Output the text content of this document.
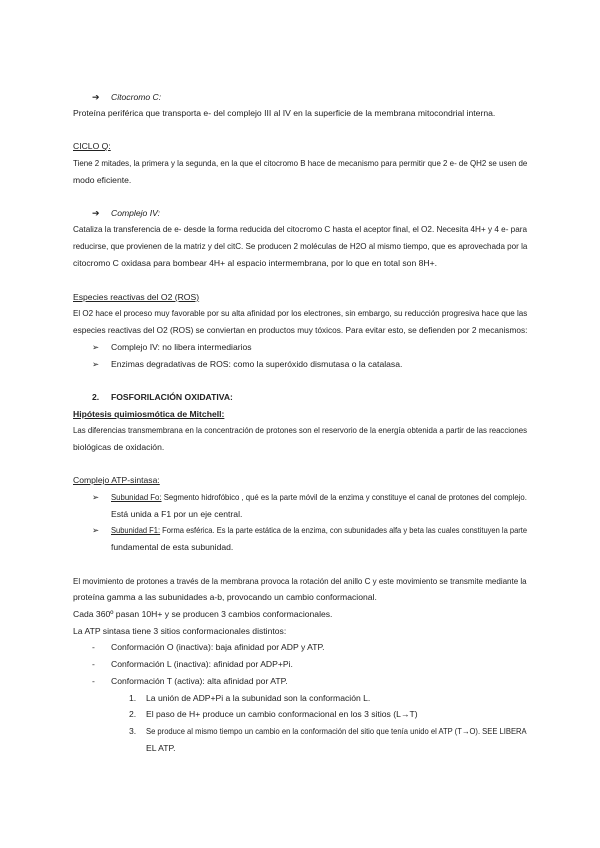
➔ Citocromo C:
Proteína periférica que transporta e- del complejo III al IV en la superficie de la membrana mitocondrial interna.
CICLO Q:
Tiene 2 mitades, la primera y la segunda, en la que el citocromo B hace de mecanismo para permitir que 2 e- de QH2 se usen de
modo eficiente.
➔ Complejo IV:
Cataliza la transferencia de e- desde la forma reducida del citocromo C hasta el aceptor final, el O2. Necesita 4H+ y 4 e- para
reducirse, que provienen de la matriz y del citC. Se producen 2 moléculas de H2O al mismo tiempo, que es aprovechada por la
citocromo C oxidasa para bombear 4H+ al espacio intermembrana, por lo que en total son 8H+.
Especies reactivas del O2 (ROS)
El O2 hace el proceso muy favorable por su alta afinidad por los electrones, sin embargo, su reducción progresiva hace que las
especies reactivas del O2 (ROS) se conviertan en productos muy tóxicos. Para evitar esto, se defienden por 2 mecanismos:
➢ Complejo IV: no libera intermediarios
➢ Enzimas degradativas de ROS: como la superóxido dismutasa o la catalasa.
2. FOSFORILACIÓN OXIDATIVA:
Hipótesis quimiosmótica de Mitchell:
Las diferencias transmembrana en la concentración de protones son el reservorio de la energía obtenida a partir de las reacciones
biológicas de oxidación.
Complejo ATP-sintasa:
➢ Subunidad Fo: Segmento hidrofóbico , qué es la parte móvil de la enzima y constituye el canal de protones del complejo.
Está unida a F1 por un eje central.
➢ Subunidad F1: Forma esférica. Es la parte estática de la enzima, con subunidades alfa y beta las cuales constituyen la parte
fundamental de esta subunidad.
El movimiento de protones a través de la membrana provoca la rotación del anillo C y este movimiento se transmite mediante la
proteína gamma a las subunidades a-b, provocando un cambio conformacional.
Cada 360º pasan 10H+ y se producen 3 cambios conformacionales.
La ATP sintasa tiene 3 sitios conformacionales distintos:
- Conformación O (inactiva): baja afinidad por ADP y ATP.
- Conformación L (inactiva): afinidad por ADP+Pi.
- Conformación T (activa): alta afinidad por ATP.
1. La unión de ADP+Pi a la subunidad son la conformación L.
2. El paso de H+ produce un cambio conformacional en los 3 sitios (L→T)
3. Se produce al mismo tiempo un cambio en la conformación del sitio que tenía unido el ATP (T→O). SEE LIBERA
EL ATP.
